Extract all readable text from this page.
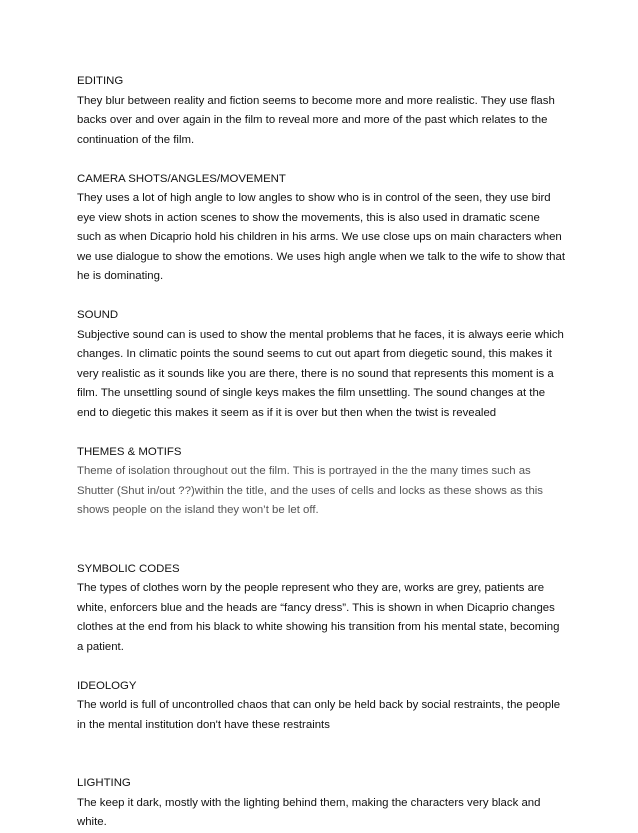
EDITING
They blur between reality and fiction seems to become more and more realistic. They use flash backs over and over again in the film to reveal more and more of the past which relates to the continuation of the film.
CAMERA SHOTS/ANGLES/MOVEMENT
They uses a lot of high angle to low angles to show who is in control of the seen, they use bird eye view shots in action scenes to show the movements, this is also used in dramatic scene such as when Dicaprio hold his children in his arms. We use close ups on main characters when we use dialogue to show the emotions. We uses high angle when we talk to the wife to show that he is dominating.
SOUND
Subjective sound can is used to show the mental problems that he faces, it is always eerie which changes. In climatic points the sound seems to cut out apart from diegetic sound, this makes it very realistic as it sounds like you are there, there is no sound that represents this moment is a film. The unsettling sound of single keys makes the film unsettling. The sound changes at the end to diegetic this makes it seem as if it is over but then when the twist is revealed
THEMES & MOTIFS
Theme of isolation throughout out the film. This is portrayed in the the many times such as Shutter (Shut in/out ??)within the title, and the uses of cells and locks as these shows as this shows people on the island they won’t be let off.
SYMBOLIC CODES
The types of clothes worn by the people represent who they are, works are grey, patients are white, enforcers blue and the heads are “fancy dress”. This is shown in when Dicaprio changes clothes at the end from his black to white showing his transition from his mental state, becoming a patient.
IDEOLOGY
The world is full of uncontrolled chaos that can only be held back by social restraints, the people in the mental institution don't have these restraints
LIGHTING
The keep it dark, mostly with the lighting behind them, making the characters very black and white.
